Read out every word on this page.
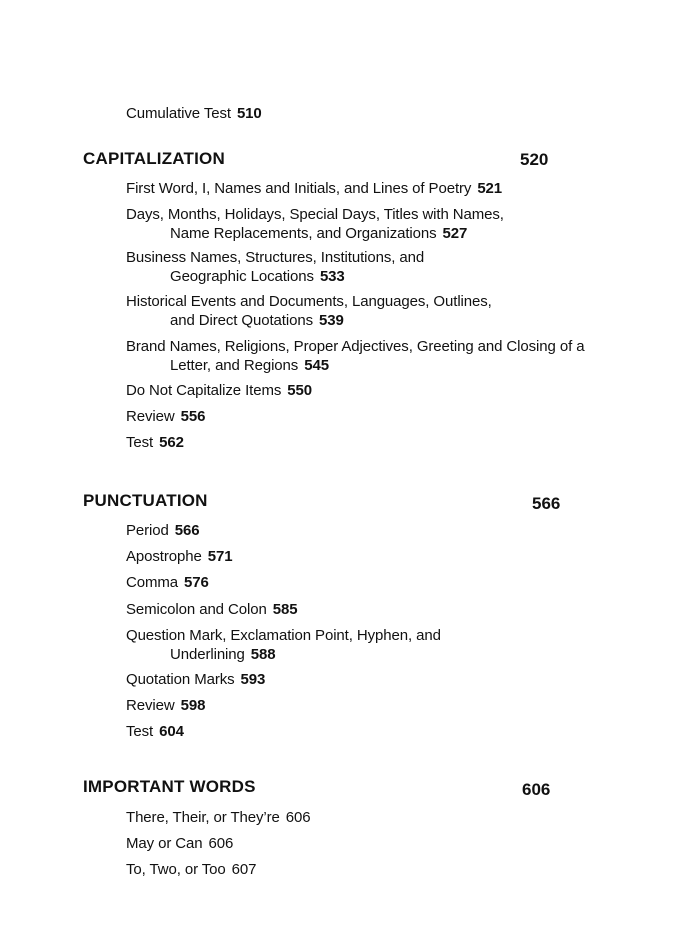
Cumulative Test 510
CAPITALIZATION	520
First Word, I, Names and Initials, and Lines of Poetry 521
Days, Months, Holidays, Special Days, Titles with Names,
Name Replacements, and Organizations 527
Business Names, Structures, Institutions, and
Geographic Locations 533
Historical Events and Documents, Languages, Outlines,
and Direct Quotations 539
Brand Names, Religions, Proper Adjectives, Greeting and Closing of a
Letter, and Regions 545
Do Not Capitalize Items 550
Review 556
Test 562
PUNCTUATION	566
Period 566
Apostrophe 571
Comma 576
Semicolon and Colon 585
Question Mark, Exclamation Point, Hyphen, and
Underlining 588
Quotation Marks 593
Review 598
Test 604
IMPORTANT WORDS	606
There, Their, or They’re 606
May or Can 606
To, Two, or Too 607
